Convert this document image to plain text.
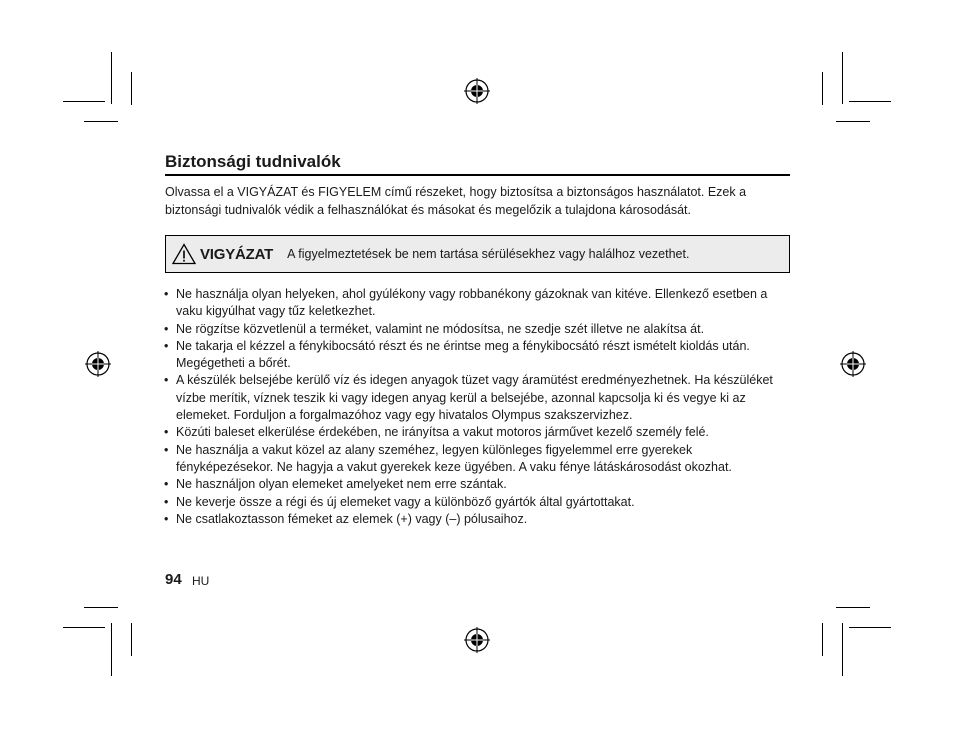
Biztonsági tudnivalók

Olvassa el a VIGYÁZAT és FIGYELEM című részeket, hogy biztosítsa a biztonságos használatot. Ezek a biztonsági tudnivalók védik a felhasználókat és másokat és megelőzik a tulajdona károsodását.

VIGYÁZAT A figyelmeztetések be nem tartása sérülésekhez vagy halálhoz vezethet.
• Ne használja olyan helyeken, ahol gyúlékony vagy robbanékony gázoknak van kitéve. Ellenkező esetben a vaku kigyúlhat vagy tűz keletkezhet.
• Ne rögzítse közvetlenül a terméket, valamint ne módosítsa, ne szedje szét illetve ne alakítsa át.
• Ne takarja el kézzel a fénykibocsátó részt és ne érintse meg a fénykibocsátó részt ismételt kioldás után. Megégetheti a bőrét.
• A készülék belsejébe kerülő víz és idegen anyagok tüzet vagy áramütést eredményezhetnek. Ha készüléket vízbe merítik, víznek teszik ki vagy idegen anyag kerül a belsejébe, azonnal kapcsolja ki és vegye ki az elemeket. Forduljon a forgalmazóhoz vagy egy hivatalos Olympus szakszervizhez.
• Közúti baleset elkerülése érdekében, ne irányítsa a vakut motoros járművet kezelő személy felé.
• Ne használja a vakut közel az alany szeméhez, legyen különleges figyelemmel erre gyerekek fényképezésekor. Ne hagyja a vakut gyerekek keze ügyében. A vaku fénye látáskárosodást okozhat.
• Ne használjon olyan elemeket amelyeket nem erre szántak.
• Ne keverje össze a régi és új elemeket vagy a különböző gyártók által gyártottakat.
• Ne csatlakoztasson fémeket az elemek (+) vagy (–) pólusaihoz.
94 HU
